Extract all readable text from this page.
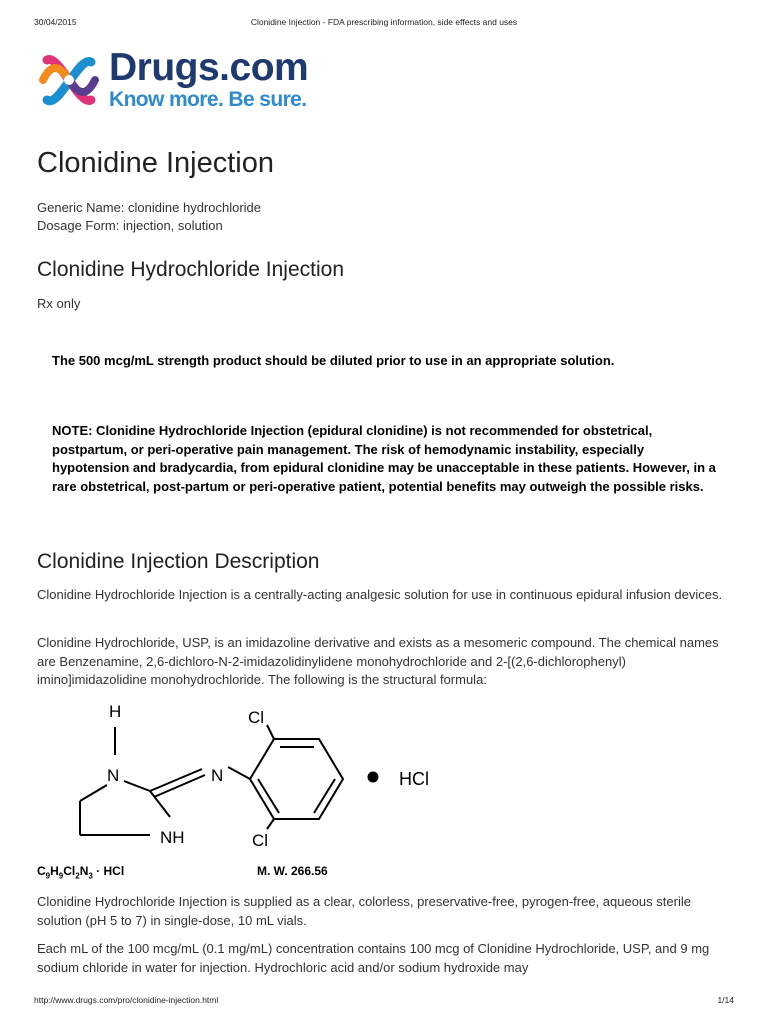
30/04/2015	Clonidine Injection - FDA prescribing information, side effects and uses
Drugs.com
Know more. Be sure.
Clonidine Injection
Generic Name: clonidine hydrochloride
Dosage Form: injection, solution
Clonidine Hydrochloride Injection
Rx only

The 500 mcg/mL strength product should be diluted prior to use in an appropriate solution.

NOTE: Clonidine Hydrochloride Injection (epidural clonidine) is not recommended for obstetrical, postpartum, or peri-operative pain management. The risk of hemodynamic instability, especially hypotension and bradycardia, from epidural clonidine may be unacceptable in these patients. However, in a rare obstetrical, post-partum or peri-operative patient, potential benefits may outweigh the possible risks.

Clonidine Injection Description

Clonidine Hydrochloride Injection is a centrally-acting analgesic solution for use in continuous epidural infusion devices.

Clonidine Hydrochloride, USP, is an imidazoline derivative and exists as a mesomeric compound. The chemical names are Benzenamine, 2,6-dichloro-N-2-imidazolidinylidene monohydrochloride and 2-[(2,6-dichlorophenyl) imino]imidazolidine monohydrochloride. The following is the structural formula:

H
N
NH
N
Cl
Cl
HCl
$C_9H_9Cl_2N_3$ · HCl	M. W. 266.56

Clonidine Hydrochloride Injection is supplied as a clear, colorless, preservative-free, pyrogen-free, aqueous sterile solution (pH 5 to 7) in single-dose, 10 mL vials.

Each mL of the 100 mcg/mL (0.1 mg/mL) concentration contains 100 mcg of Clonidine Hydrochloride, USP, and 9 mg sodium chloride in water for injection. Hydrochloric acid and/or sodium hydroxide may

http://www.drugs.com/pro/clonidine-injection.html	1/14
